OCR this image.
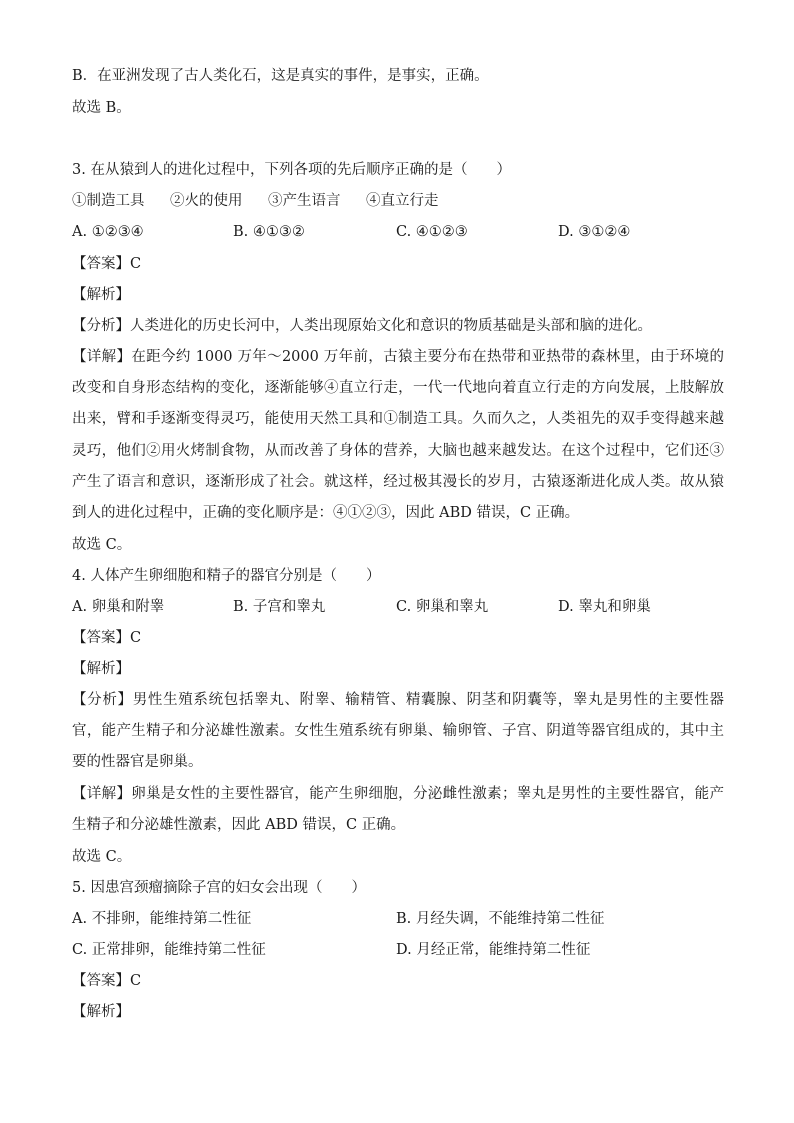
B．在亚洲发现了古人类化石，这是真实的事件，是事实，正确。
故选 B。
3. 在从猿到人的进化过程中，下列各项的先后顺序正确的是（　　）
①制造工具 ②火的使用 ③产生语言 ④直立行走
A. ①②③④	B. ④①③②	C. ④①②③	D. ③①②④
【答案】C
【解析】
【分析】人类进化的历史长河中，人类出现原始文化和意识的物质基础是头部和脑的进化。
【详解】在距今约 1000 万年～2000 万年前，古猿主要分布在热带和亚热带的森林里，由于环境的改变和自身形态结构的变化，逐渐能够④直立行走，一代一代地向着直立行走的方向发展，上肢解放出来，臂和手逐渐变得灵巧，能使用天然工具和①制造工具。久而久之，人类祖先的双手变得越来越灵巧，他们②用火烤制食物，从而改善了身体的营养，大脑也越来越发达。在这个过程中，它们还③产生了语言和意识，逐渐形成了社会。就这样，经过极其漫长的岁月，古猿逐渐进化成人类。故从猿到人的进化过程中，正确的变化顺序是：④①②③，因此 ABD 错误，C 正确。
故选 C。
4. 人体产生卵细胞和精子的器官分别是（　　）
A. 卵巢和附睾	B. 子宫和睾丸	C. 卵巢和睾丸	D. 睾丸和卵巢
【答案】C
【解析】
【分析】男性生殖系统包括睾丸、附睾、输精管、精囊腺、阴茎和阴囊等，睾丸是男性的主要性器官，能产生精子和分泌雄性激素。女性生殖系统有卵巢、输卵管、子宫、阴道等器官组成的，其中主要的性器官是卵巢。
【详解】卵巢是女性的主要性器官，能产生卵细胞，分泌雌性激素；睾丸是男性的主要性器官，能产生精子和分泌雄性激素，因此 ABD 错误，C 正确。
故选 C。
5. 因患宫颈瘤摘除子宫的妇女会出现（　　）
A. 不排卵，能维持第二性征	B. 月经失调，不能维持第二性征
C. 正常排卵，能维持第二性征	D. 月经正常，能维持第二性征
【答案】C
【解析】
